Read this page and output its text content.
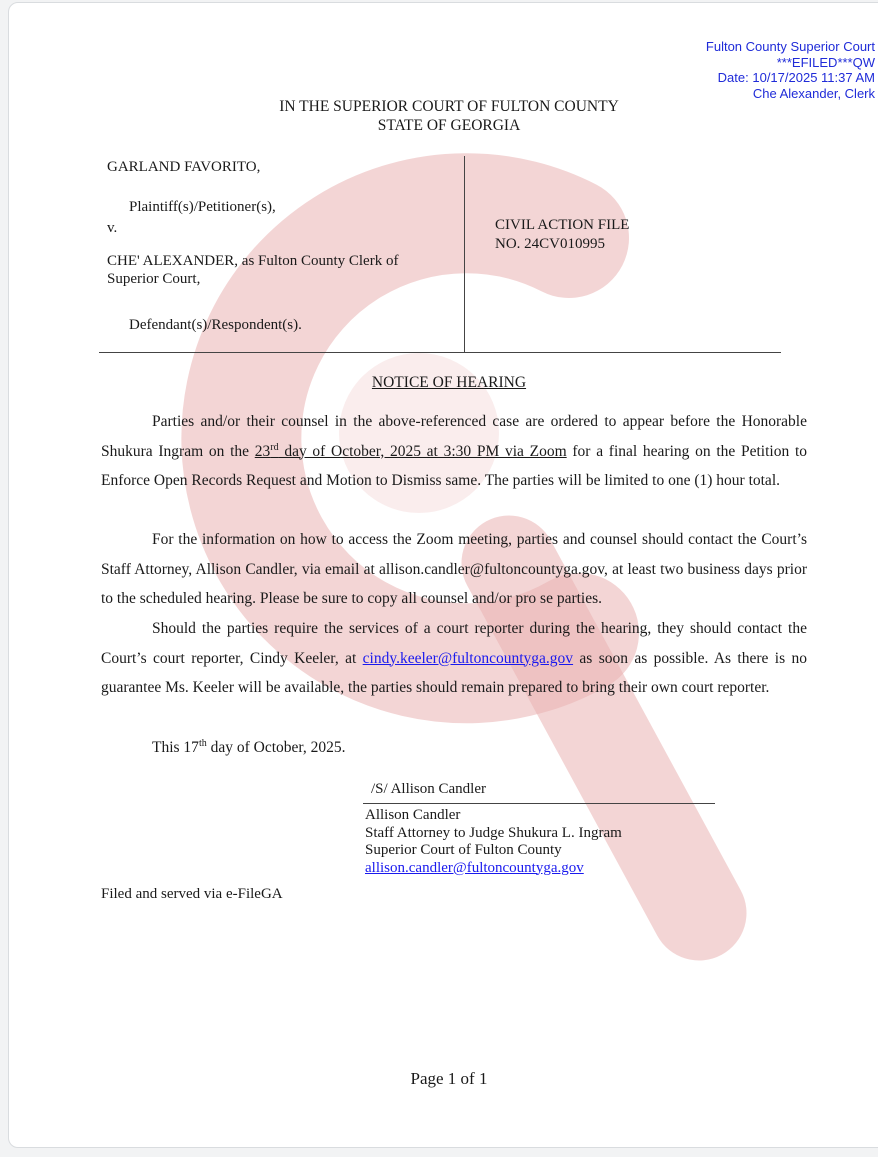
Fulton County Superior Court
***EFILED***QW
Date: 10/17/2025 11:37 AM
Che Alexander, Clerk
IN THE SUPERIOR COURT OF FULTON COUNTY
STATE OF GEORGIA
GARLAND FAVORITO,
Plaintiff(s)/Petitioner(s),
v.
CHE' ALEXANDER, as Fulton County Clerk of
Superior Court,
Defendant(s)/Respondent(s).
CIVIL ACTION FILE
NO. 24CV010995
NOTICE OF HEARING
Parties and/or their counsel in the above-referenced case are ordered to appear before the Honorable Shukura Ingram on the 23rd day of October, 2025 at 3:30 PM via Zoom for a final hearing on the Petition to Enforce Open Records Request and Motion to Dismiss same. The parties will be limited to one (1) hour total.
For the information on how to access the Zoom meeting, parties and counsel should contact the Court’s Staff Attorney, Allison Candler, via email at allison.candler@fultoncountyga.gov, at least two business days prior to the scheduled hearing. Please be sure to copy all counsel and/or pro se parties.
Should the parties require the services of a court reporter during the hearing, they should contact the Court’s court reporter, Cindy Keeler, at cindy.keeler@fultoncountyga.gov as soon as possible. As there is no guarantee Ms. Keeler will be available, the parties should remain prepared to bring their own court reporter.
This 17th day of October, 2025.
/S/ Allison Candler
Allison Candler
Staff Attorney to Judge Shukura L. Ingram
Superior Court of Fulton County
allison.candler@fultoncountyga.gov
Filed and served via e-FileGA
Page 1 of 1
